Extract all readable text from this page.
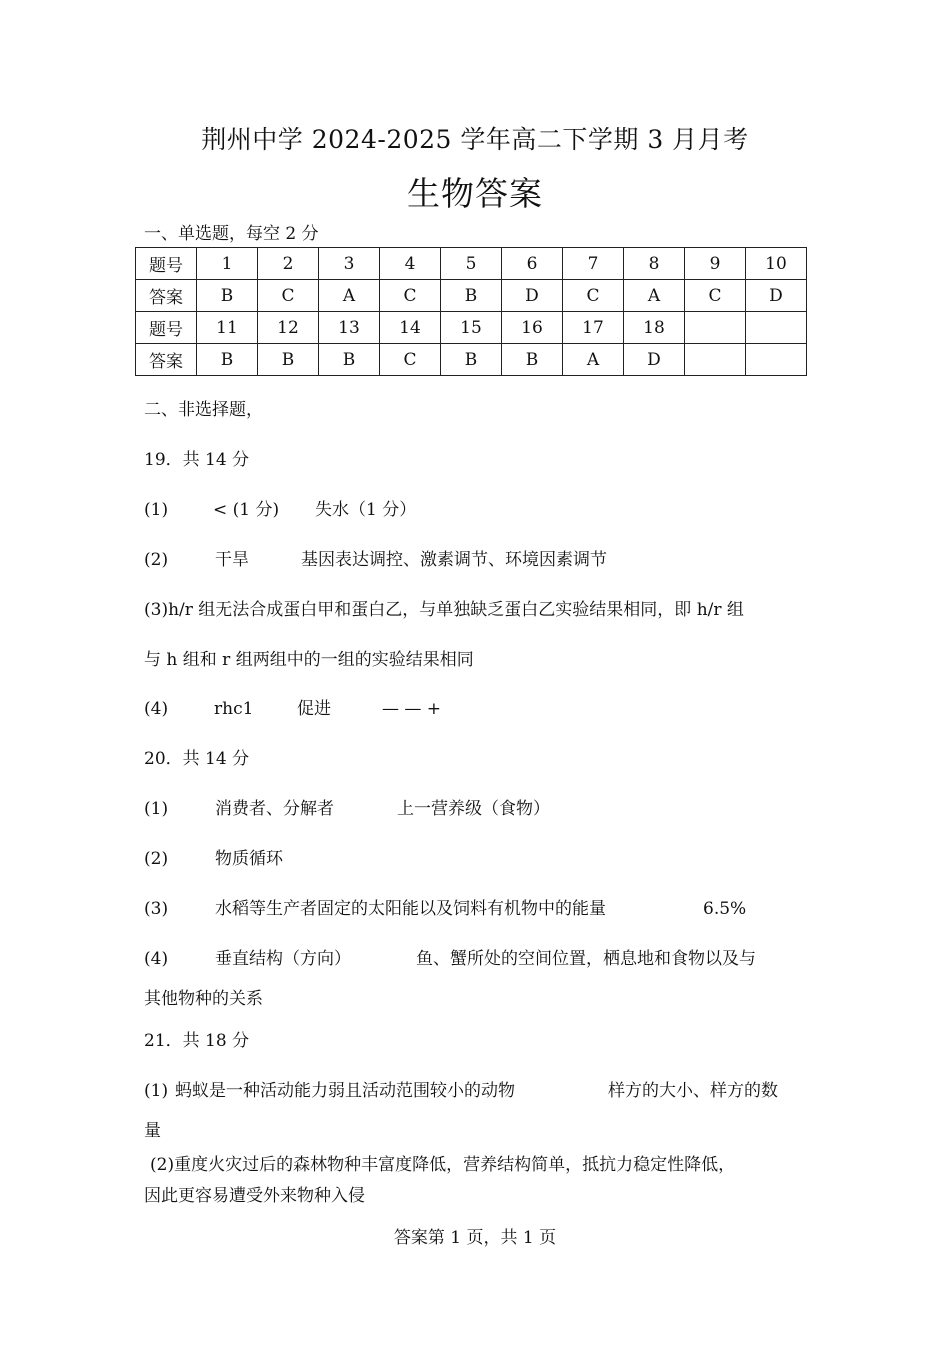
荆州中学 2024-2025 学年高二下学期 3 月月考
生物答案
一、单选题，每空 2 分
题号	1	2	3	4	5	6	7	8	9	10
答案	B	C	A	C	B	D	C	A	C	D
题号	11	12	13	14	15	16	17	18		
答案	B	B	B	C	B	B	A	D		
二、非选择题，
19．共 14 分
(1)	< (1 分) 失水（1 分）
(2)	干旱	基因表达调控、激素调节、环境因素调节
(3)h/r 组无法合成蛋白甲和蛋白乙，与单独缺乏蛋白乙实验结果相同，即 h/r 组
与 h 组和 r 组两组中的一组的实验结果相同
(4)	rhc1	促进	— — +
20．共 14 分
(1)	消费者、分解者	上一营养级（食物）
(2)	物质循环
(3)	水稻等生产者固定的太阳能以及饲料有机物中的能量	6.5%
(4)	垂直结构（方向）	鱼、蟹所处的空间位置，栖息地和食物以及与
其他物种的关系
21．共 18 分
(1) 蚂蚁是一种活动能力弱且活动范围较小的动物	样方的大小、样方的数
量
(2)重度火灾过后的森林物种丰富度降低，营养结构简单，抵抗力稳定性降低，
因此更容易遭受外来物种入侵
答案第 1 页，共 1 页
